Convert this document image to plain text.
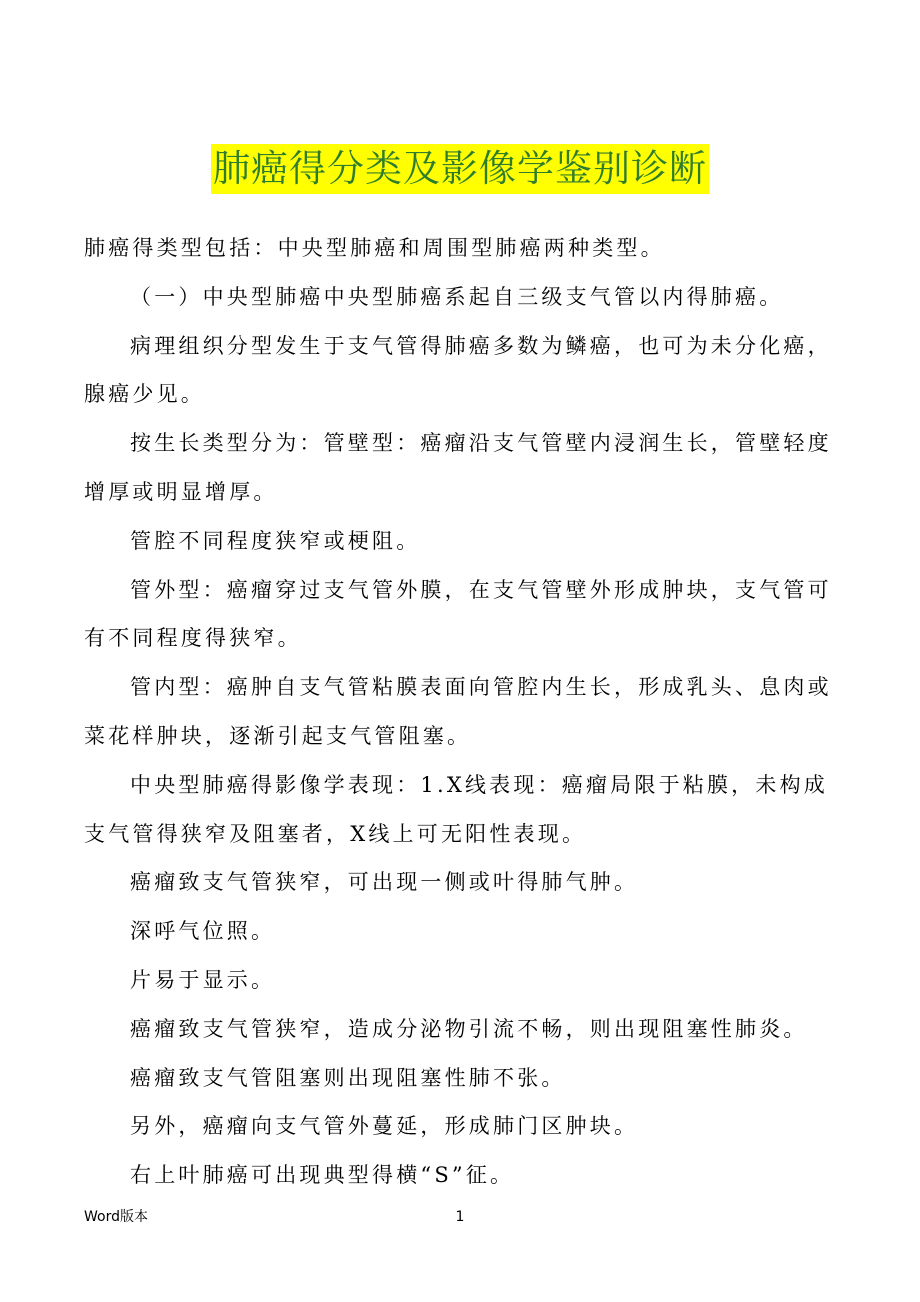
肺癌得分类及影像学鉴别诊断

肺癌得类型包括：中央型肺癌和周围型肺癌两种类型。

（一）中央型肺癌中央型肺癌系起自三级支气管以内得肺癌。

病理组织分型发生于支气管得肺癌多数为鳞癌，也可为未分化癌，腺癌少见。

按生长类型分为：管壁型：癌瘤沿支气管壁内浸润生长，管壁轻度增厚或明显增厚。

管腔不同程度狭窄或梗阻。

管外型：癌瘤穿过支气管外膜，在支气管壁外形成肿块，支气管可有不同程度得狭窄。

管内型：癌肿自支气管粘膜表面向管腔内生长，形成乳头、息肉或菜花样肿块，逐渐引起支气管阻塞。

中央型肺癌得影像学表现：1.X线表现：癌瘤局限于粘膜，未构成支气管得狭窄及阻塞者，X线上可无阳性表现。

癌瘤致支气管狭窄，可出现一侧或叶得肺气肿。

深呼气位照。

片易于显示。

癌瘤致支气管狭窄，造成分泌物引流不畅，则出现阻塞性肺炎。

癌瘤致支气管阻塞则出现阻塞性肺不张。

另外，癌瘤向支气管外蔓延，形成肺门区肿块。

右上叶肺癌可出现典型得横“S”征。

Word版本	1
